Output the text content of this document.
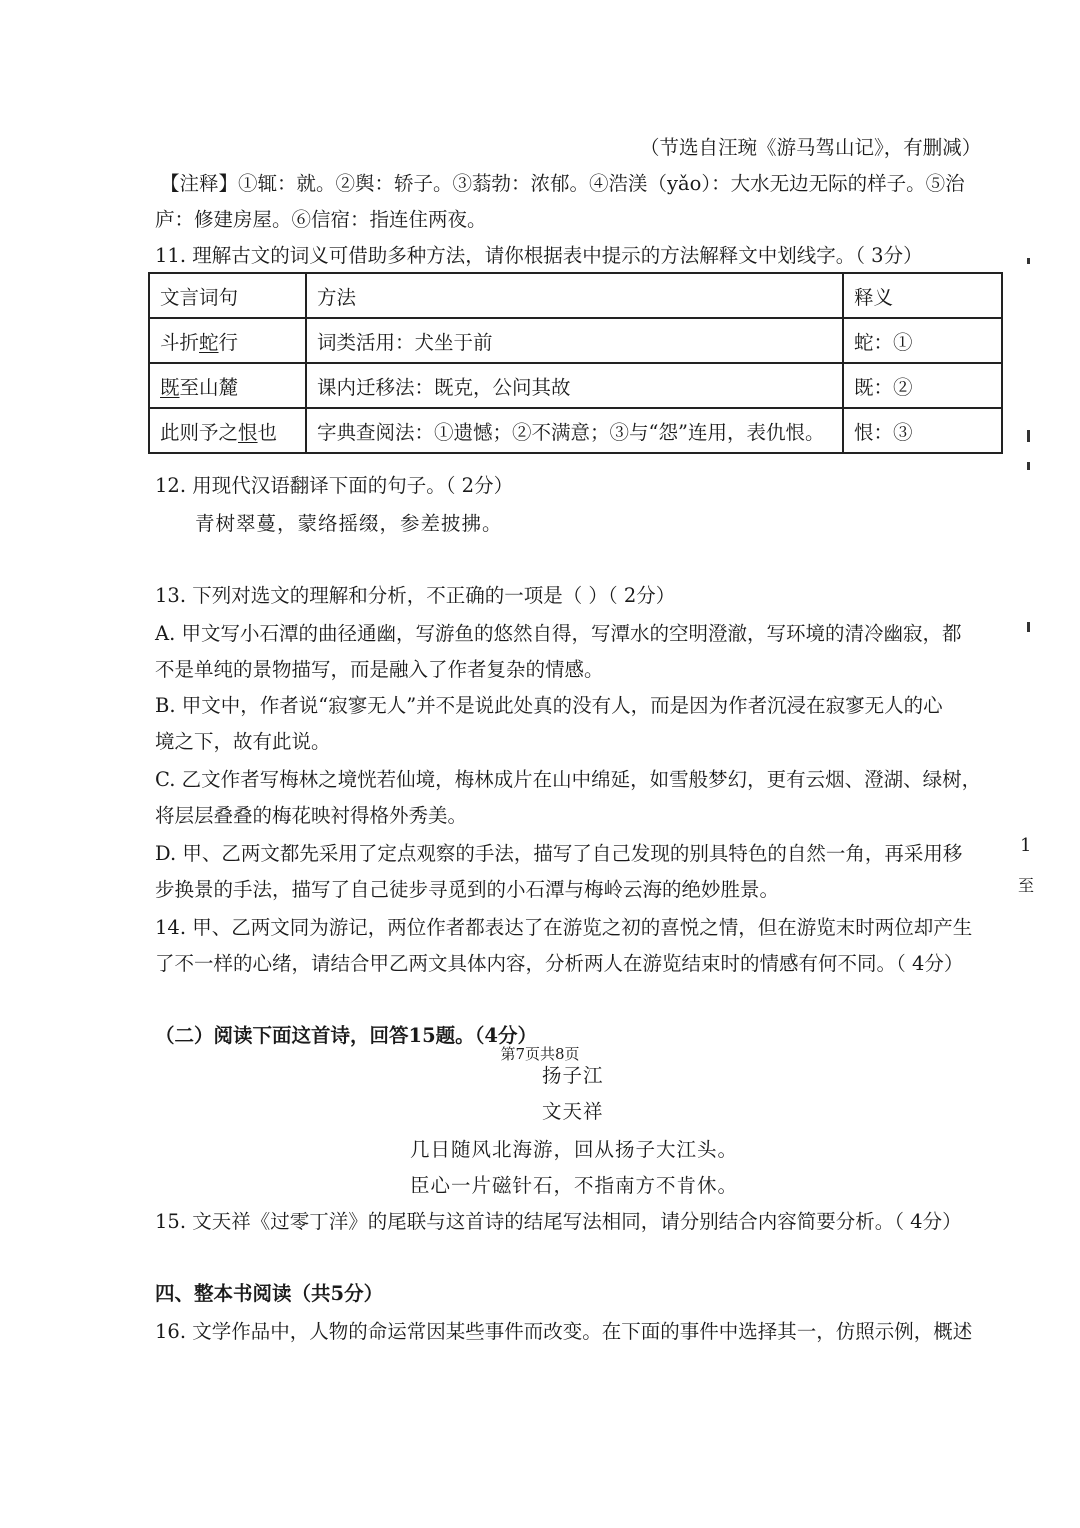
1
至
（节选自汪琬《游马驾山记》，有删减）
【注释】①辄：就。②舆：轿子。③蓊勃：浓郁。④浩渼（yǎo）：大水无边无际的样子。⑤治
庐：修建房屋。⑥信宿：指连住两夜。
11. 理解古文的词义可借助多种方法，请你根据表中提示的方法解释文中划线字。（ 3分）
文言词句	方法	释义
斗折蛇行	词类活用：犬坐于前	蛇：①
既至山麓	课内迁移法：既克，公问其故	既：②
此则予之恨也	字典查阅法：①遗憾；②不满意；③与“怨”连用，表仇恨。	恨：③
12. 用现代汉语翻译下面的句子。（ 2分）
青树翠蔓，蒙络摇缀，参差披拂。
13. 下列对选文的理解和分析，不正确的一项是（ ）（ 2分）
A. 甲文写小石潭的曲径通幽，写游鱼的悠然自得，写潭水的空明澄澈，写环境的清冷幽寂，都
不是单纯的景物描写，而是融入了作者复杂的情感。
B. 甲文中，作者说“寂寥无人”并不是说此处真的没有人，而是因为作者沉浸在寂寥无人的心
境之下，故有此说。
C. 乙文作者写梅林之境恍若仙境，梅林成片在山中绵延，如雪般梦幻，更有云烟、澄湖、绿树，
将层层叠叠的梅花映衬得格外秀美。
D. 甲、乙两文都先采用了定点观察的手法，描写了自己发现的别具特色的自然一角，再采用移
步换景的手法，描写了自己徒步寻觅到的小石潭与梅岭云海的绝妙胜景。
14. 甲、乙两文同为游记，两位作者都表达了在游览之初的喜悦之情，但在游览末时两位却产生
了不一样的心绪，请结合甲乙两文具体内容，分析两人在游览结束时的情感有何不同。（ 4分）
（二）阅读下面这首诗，回答15题。（4分）
扬子江
文天祥
几日随风北海游，回从扬子大江头。
臣心一片磁针石，不指南方不肯休。
15. 文天祥《过零丁洋》的尾联与这首诗的结尾写法相同，请分别结合内容简要分析。（ 4分）
四、整本书阅读（共5分）
16. 文学作品中，人物的命运常因某些事件而改变。在下面的事件中选择其一，仿照示例，概述
第7页共8页
